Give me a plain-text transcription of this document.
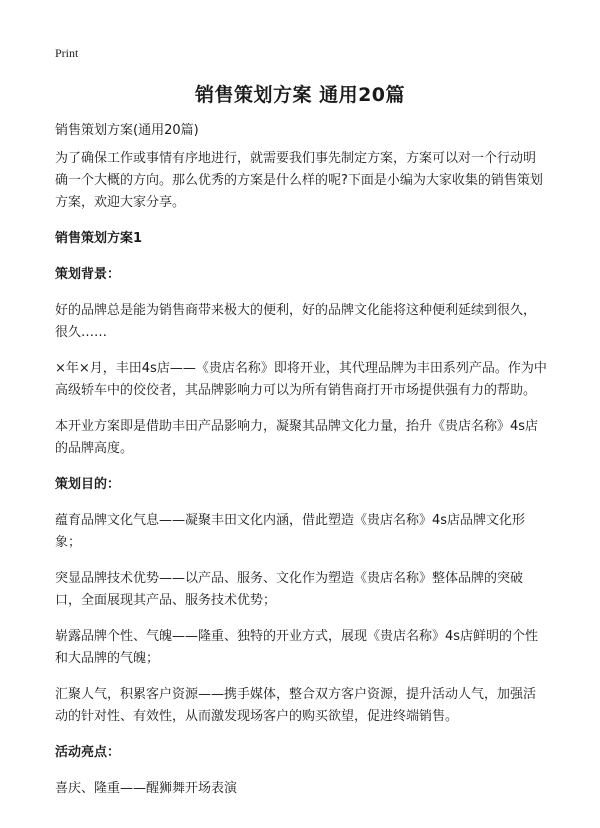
Print
销售策划方案 通用20篇

销售策划方案(通用20篇)

为了确保工作或事情有序地进行，就需要我们事先制定方案，方案可以对一个行动明确一个大概的方向。那么优秀的方案是什么样的呢?下面是小编为大家收集的销售策划方案，欢迎大家分享。

销售策划方案1
策划背景：

好的品牌总是能为销售商带来极大的便利，好的品牌文化能将这种便利延续到很久，很久……

×年×月，丰田4s店——《贵店名称》即将开业，其代理品牌为丰田系列产品。作为中高级轿车中的佼佼者，其品牌影响力可以为所有销售商打开市场提供强有力的帮助。

本开业方案即是借助丰田产品影响力，凝聚其品牌文化力量，抬升《贵店名称》4s店的品牌高度。

策划目的：

蕴育品牌文化气息——凝聚丰田文化内涵，借此塑造《贵店名称》4s店品牌文化形象；

突显品牌技术优势——以产品、服务、文化作为塑造《贵店名称》整体品牌的突破口，全面展现其产品、服务技术优势；

崭露品牌个性、气魄——隆重、独特的开业方式，展现《贵店名称》4s店鲜明的个性和大品牌的气魄；

汇聚人气，积累客户资源——携手媒体，整合双方客户资源，提升活动人气，加强活动的针对性、有效性，从而激发现场客户的购买欲望，促进终端销售。

活动亮点：

喜庆、隆重——醒狮舞开场表演
